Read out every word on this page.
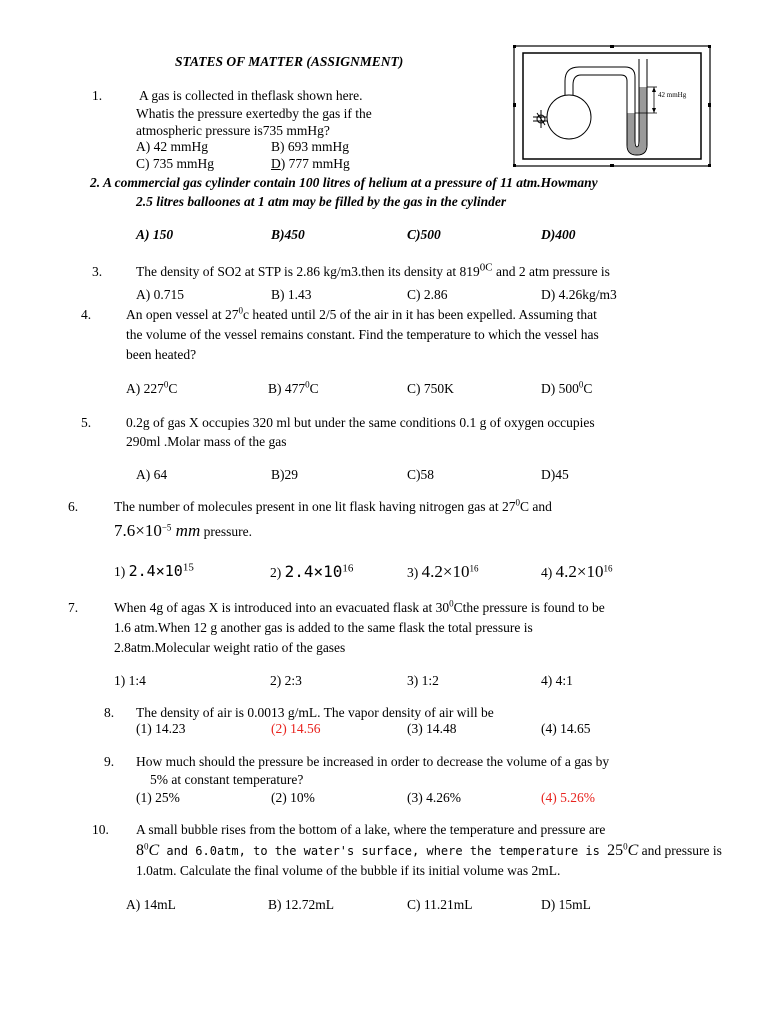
STATES OF MATTER (ASSIGNMENT)
42 mmHg
1.	A gas is collected in theflask shown here.
Whatis the pressure exertedby the gas if the
atmospheric pressure is735 mmHg?
A) 42 mmHg	B) 693 mmHg
C) 735 mmHg	D) 777 mmHg
2. A commercial gas cylinder contain 100 litres of helium at a pressure of 11 atm.Howmany
2.5 litres balloones at 1 atm may be filled by the gas in the cylinder
A) 150	B)450	C)500	D)400
3.	The density of SO2 at STP is 2.86 kg/m3.then its density at $819^{0C}$ and 2 atm pressure is
A) 0.715	B) 1.43	C) 2.86	D) 4.26kg/m3
4.	An open vessel at $27^0c$ heated until 2/5 of the air in it has been expelled. Assuming that
the volume of the vessel remains constant. Find the temperature to which the vessel has
been heated?
A) $227^0C$	B) $477^0C$	C) 750K	D) $500^0C$
5.	0.2g of gas X occupies 320 ml but under the same conditions 0.1 g of oxygen occupies
290ml .Molar mass of the gas
A) 64	B)29	C)58	D)45
6.	The number of molecules present in one lit flask having nitrogen gas at $27^0C$ and
$7.6\times 10^{-5}$ mm pressure.
1) $2.4\times 10^{15}$	2) $2.4\times 10^{16}$	3) $4.2\times 10^{16}$	4) $4.2\times 10^{16}$
7.	When 4g of agas X is introduced into an evacuated flask at $30^0Cthe$ pressure is found to be
1.6 atm.When 12 g another gas is added to the same flask the total pressure is
2.8atm.Molecular weight ratio of the gases
1) 1:4	2) 2:3	3) 1:2	4) 4:1
8. The density of air is 0.0013 g/mL. The vapor density of air will be
(1) 14.23	(2) 14.56	(3) 14.48	(4) 14.65
9. How much should the pressure be increased in order to decrease the volume of a gas by
5% at constant temperature?
(1) 25%	(2) 10%	(3) 4.26%	(4) 5.26%
10. A small bubble rises from the bottom of a lake, where the temperature and pressure are
$8^0C$ and 6.0atm, to the water's surface, where the temperature is $25^0C$ and pressure is
1.0atm. Calculate the final volume of the bubble if its initial volume was 2mL.
A) 14mL	B) 12.72mL	C) 11.21mL	D) 15mL
